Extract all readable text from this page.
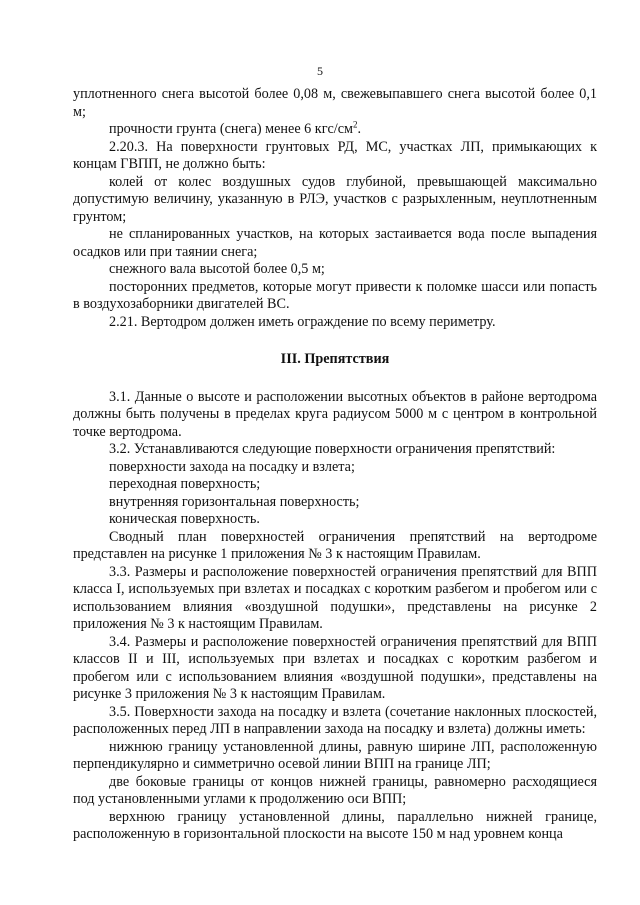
5

уплотненного снега высотой более 0,08 м, свежевыпавшего снега высотой более 0,1 м;

прочности грунта (снега) менее 6 кгс/$см^2$.

2.20.3. На поверхности грунтовых РД, МС, участках ЛП, примыкающих к концам ГВПП, не должно быть:

колей от колес воздушных судов глубиной, превышающей максимально допустимую величину, указанную в РЛЭ, участков с разрыхленным, неуплотненным грунтом;

не спланированных участков, на которых застаивается вода после выпадения осадков или при таянии снега;

снежного вала высотой более 0,5 м;

посторонних предметов, которые могут привести к поломке шасси или попасть в воздухозаборники двигателей ВС.

2.21. Вертодром должен иметь ограждение по всему периметру.

III. Препятствия

3.1. Данные о высоте и расположении высотных объектов в районе вертодрома должны быть получены в пределах круга радиусом 5000 м с центром в контрольной точке вертодрома.

3.2. Устанавливаются следующие поверхности ограничения препятствий:

поверхности захода на посадку и взлета;

переходная поверхность;

внутренняя горизонтальная поверхность;

коническая поверхность.

Сводный план поверхностей ограничения препятствий на вертодроме представлен на рисунке 1 приложения № 3 к настоящим Правилам.

3.3. Размеры и расположение поверхностей ограничения препятствий для ВПП класса I, используемых при взлетах и посадках с коротким разбегом и пробегом или с использованием влияния «воздушной подушки», представлены на рисунке 2 приложения № 3 к настоящим Правилам.

3.4. Размеры и расположение поверхностей ограничения препятствий для ВПП классов II и III, используемых при взлетах и посадках с коротким разбегом и пробегом или с использованием влияния «воздушной подушки», представлены на рисунке 3 приложения № 3 к настоящим Правилам.

3.5. Поверхности захода на посадку и взлета (сочетание наклонных плоскостей, расположенных перед ЛП в направлении захода на посадку и взлета) должны иметь:

нижнюю границу установленной длины, равную ширине ЛП, расположенную перпендикулярно и симметрично осевой линии ВПП на границе ЛП;

две боковые границы от концов нижней границы, равномерно расходящиеся под установленными углами к продолжению оси ВПП;

верхнюю границу установленной длины, параллельно нижней границе, расположенную в горизонтальной плоскости на высоте 150 м над уровнем конца
